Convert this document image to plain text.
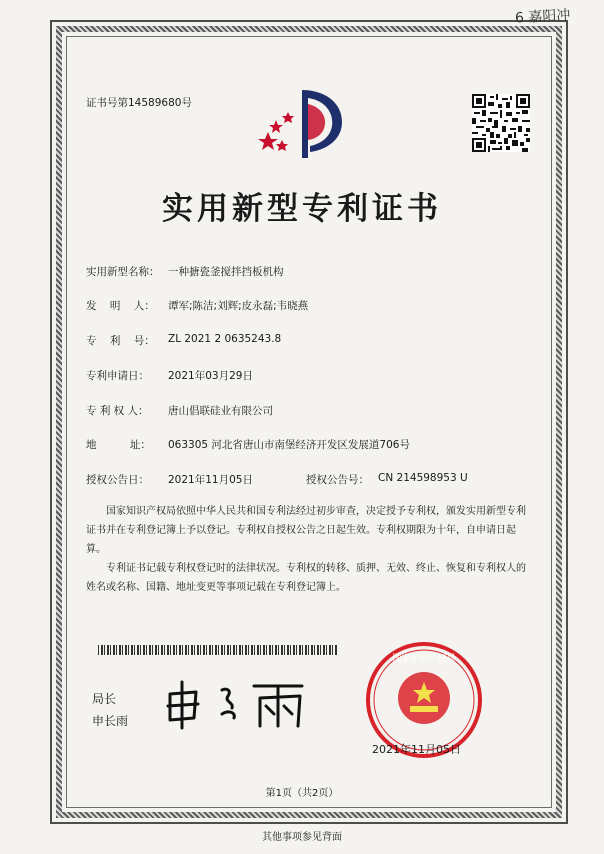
6 嘉阳冲
证书号第14589680号
实用新型专利证书
实用新型名称： 一种搪瓷釜搅拌挡板机构
发    明    人： 谭军;陈洁;刘辉;皮永磊;韦晓燕
专    利    号： ZL 2021 2 0635243.8
专利申请日： 2021年03月29日
专 利 权 人： 唐山倡联硅业有限公司
地          址： 063305 河北省唐山市南堡经济开发区发展道706号
授权公告日： 2021年11月05日	授权公告号： CN 214598953 U
国家知识产权局依照中华人民共和国专利法经过初步审查，决定授予专利权，颁发实用新型专利证书并在专利登记簿上予以登记。专利权自授权公告之日起生效。专利权期限为十年，自申请日起算。
专利证书记载专利权登记时的法律状况。专利权的转移、质押、无效、终止、恢复和专利权人的姓名或名称、国籍、地址变更等事项记载在专利登记簿上。
局长
申长雨
国家知识产权局
2021年11月05日
第1页（共2页）
其他事项参见背面
